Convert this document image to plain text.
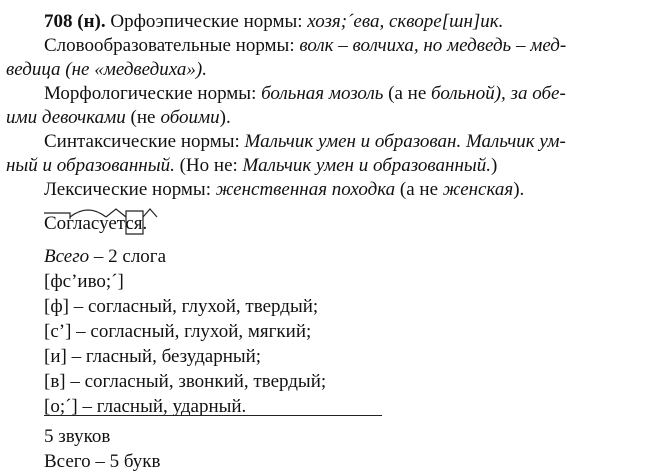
708 (н). Орфоэпические нормы: хозя;´ева, скворе[шн]ик.
Словообразовательные нормы: волк – волчиха, но медведь – мед-
ведица (не «медведиха»).
Морфологические нормы: больная мозоль (а не больной), за обе-
ими девочками (не обоими).
Синтаксические нормы: Мальчик умен и образован. Мальчик ум-
ный и образованный. (Но не: Мальчик умен и образованный.)
Лексические нормы: женственная походка (а не женская).
Согласуется.
Всего – 2 слога
[фс’иво;´]
[ф] – согласный, глухой, твердый;
[с’] – согласный, глухой, мягкий;
[и] – гласный, безударный;
[в] – согласный, звонкий, твердый;
[о;´] – гласный, ударный.
5 звуков
Всего – 5 букв
